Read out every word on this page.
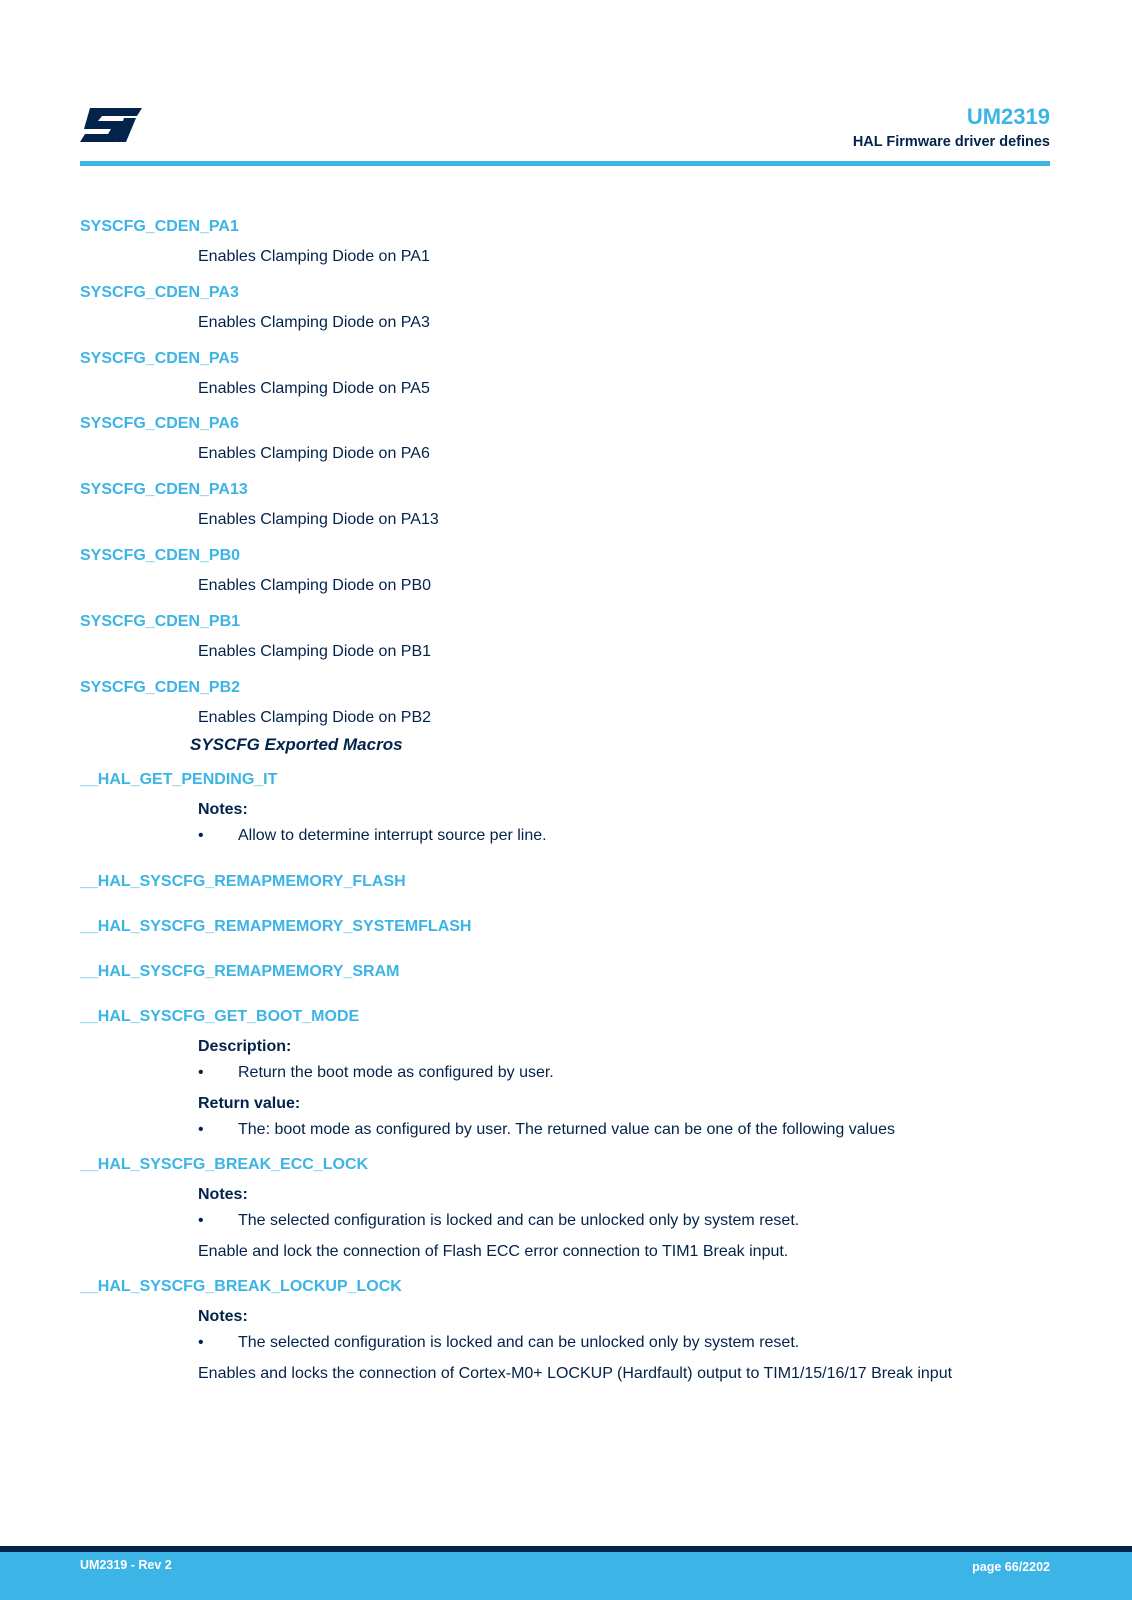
UM2319
HAL Firmware driver defines

SYSCFG_CDEN_PA1

Enables Clamping Diode on PA1

SYSCFG_CDEN_PA3

Enables Clamping Diode on PA3

SYSCFG_CDEN_PA5

Enables Clamping Diode on PA5

SYSCFG_CDEN_PA6

Enables Clamping Diode on PA6

SYSCFG_CDEN_PA13

Enables Clamping Diode on PA13

SYSCFG_CDEN_PB0

Enables Clamping Diode on PB0

SYSCFG_CDEN_PB1

Enables Clamping Diode on PB1

SYSCFG_CDEN_PB2

Enables Clamping Diode on PB2
SYSCFG Exported Macros

__HAL_GET_PENDING_IT

Notes:
• Allow to determine interrupt source per line.

__HAL_SYSCFG_REMAPMEMORY_FLASH

__HAL_SYSCFG_REMAPMEMORY_SYSTEMFLASH

__HAL_SYSCFG_REMAPMEMORY_SRAM

__HAL_SYSCFG_GET_BOOT_MODE

Description:
• Return the boot mode as configured by user.
Return value:
• The: boot mode as configured by user. The returned value can be one of the following values

__HAL_SYSCFG_BREAK_ECC_LOCK

Notes:
• The selected configuration is locked and can be unlocked only by system reset.
Enable and lock the connection of Flash ECC error connection to TIM1 Break input.

__HAL_SYSCFG_BREAK_LOCKUP_LOCK

Notes:
• The selected configuration is locked and can be unlocked only by system reset.
Enables and locks the connection of Cortex-M0+ LOCKUP (Hardfault) output to TIM1/15/16/17 Break input
UM2319 - Rev 2	page 66/2202
